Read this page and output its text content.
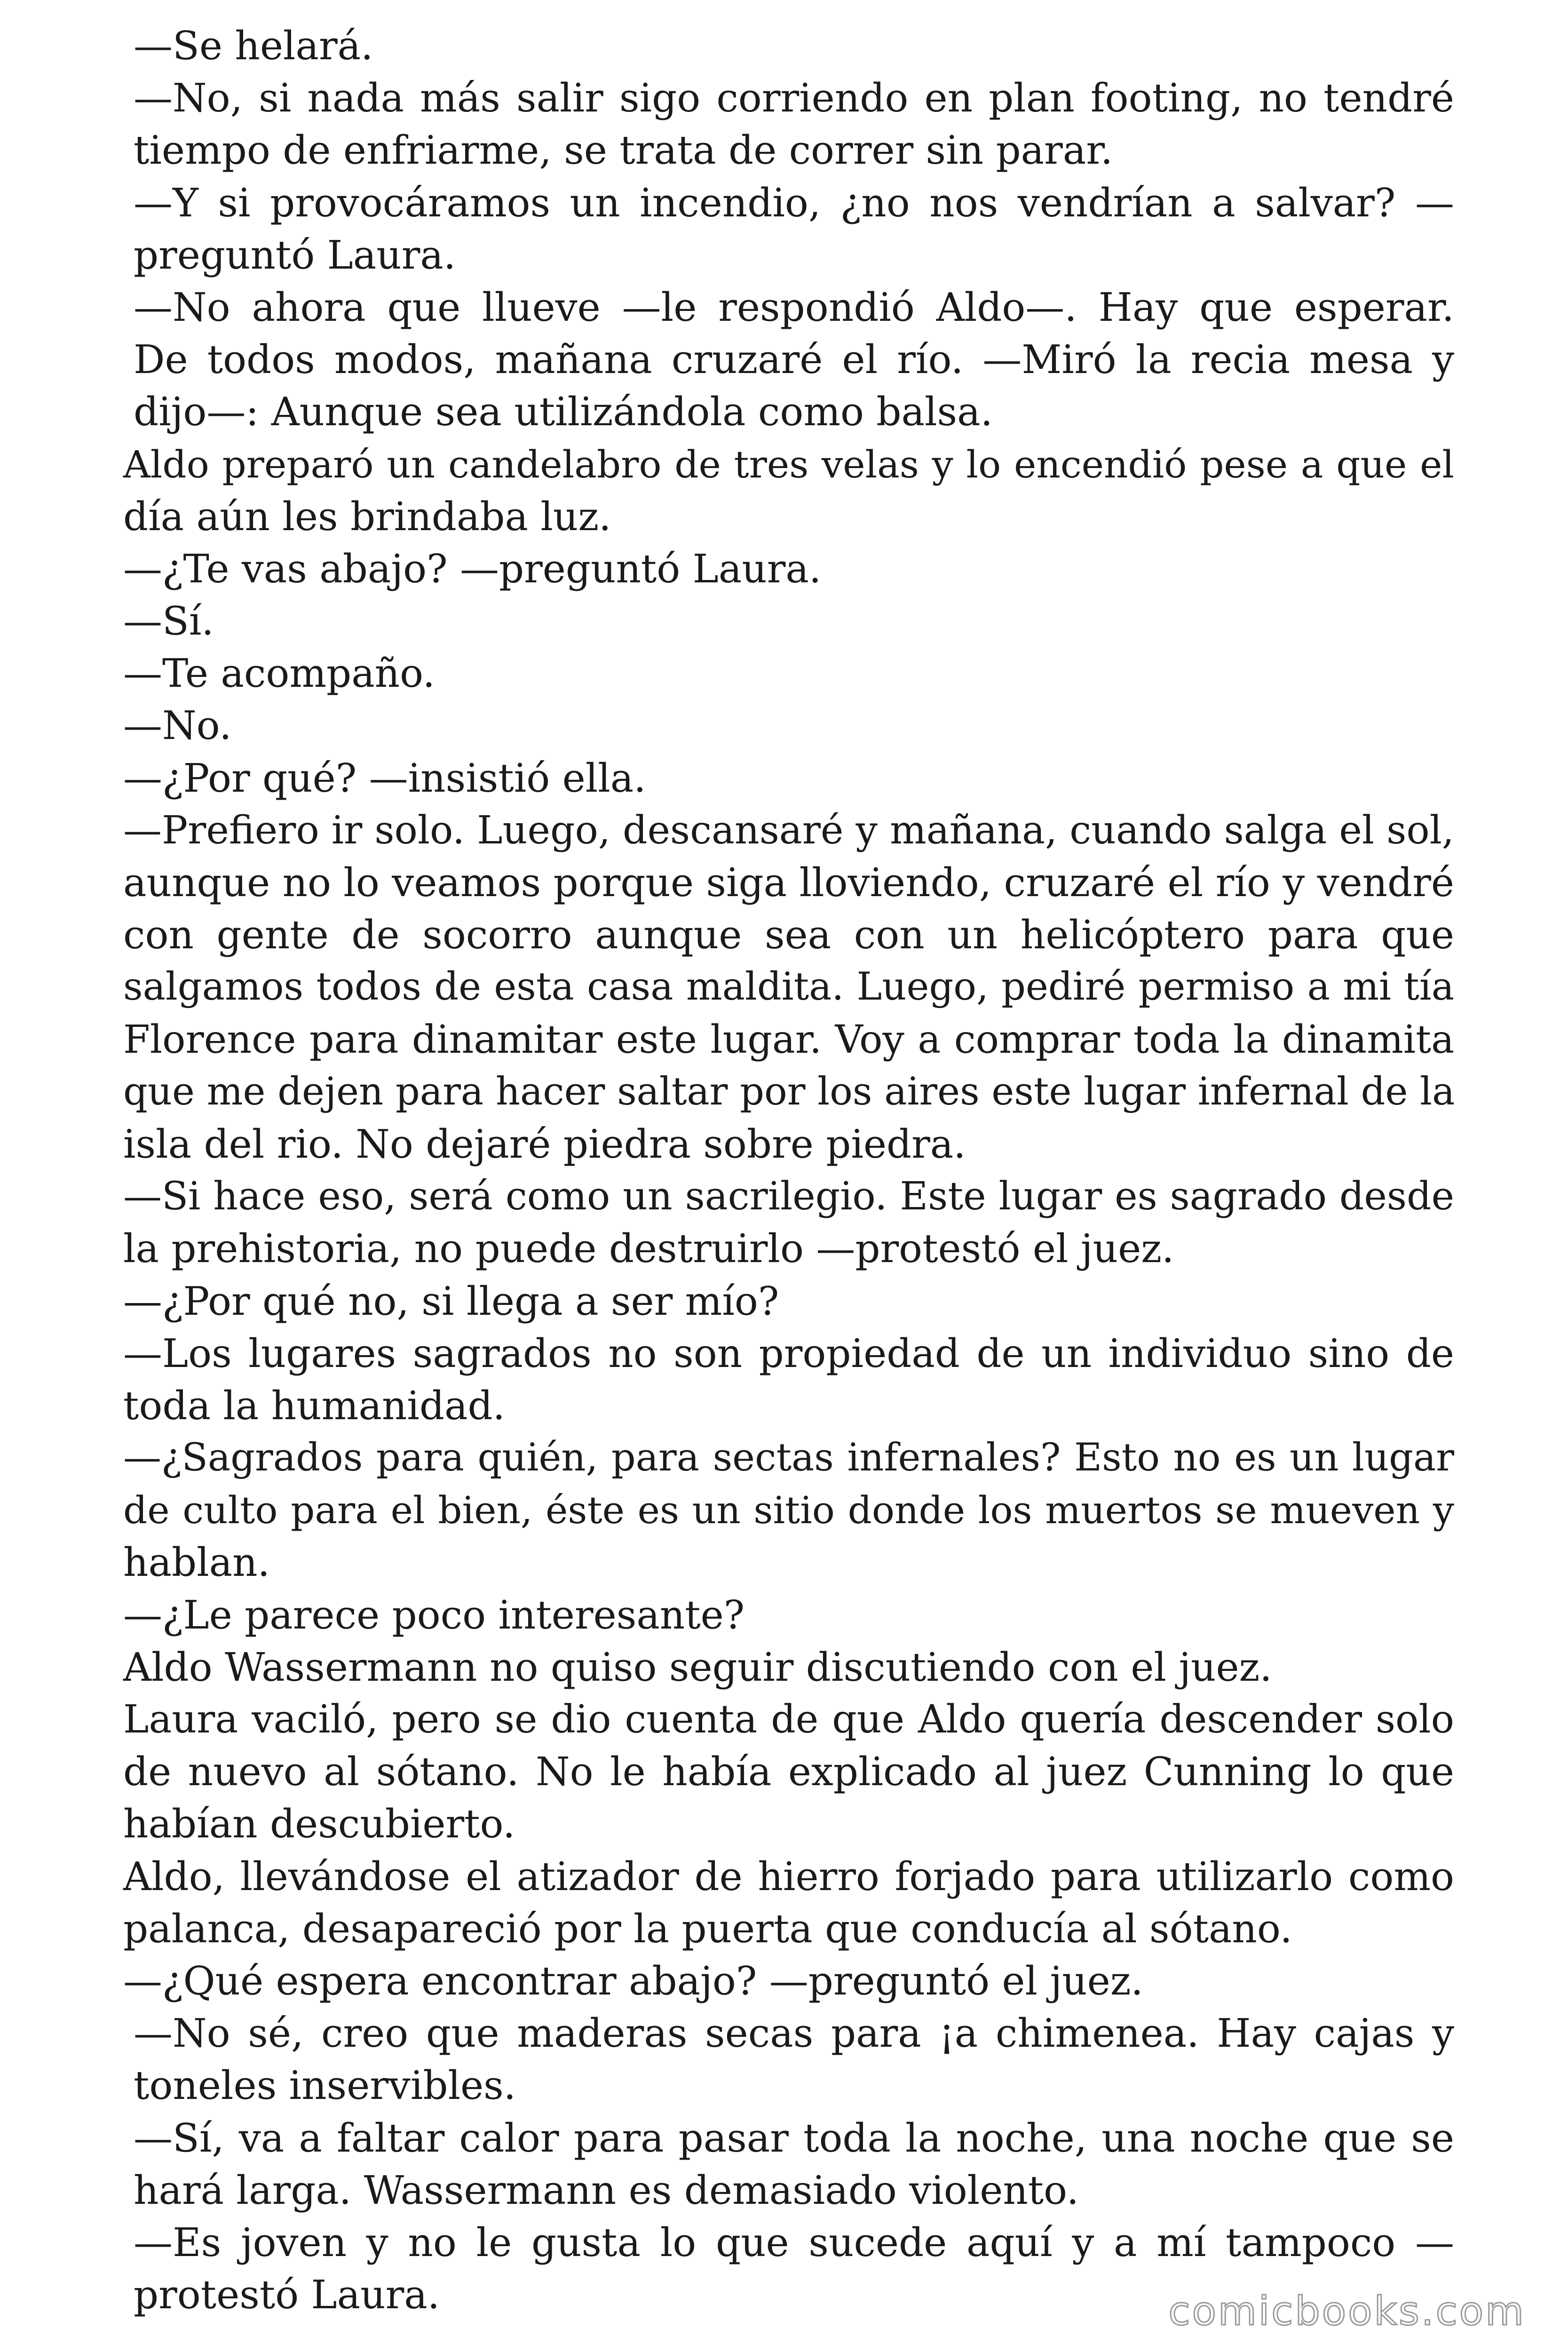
—Se helará.
—No, si nada más salir sigo corriendo en plan footing, no tendré
tiempo de enfriarme, se trata de correr sin parar.
—Y si provocáramos un incendio, ¿no nos vendrían a salvar? —
preguntó Laura.
—No ahora que llueve —le respondió Aldo—. Hay que esperar.
De todos modos, mañana cruzaré el río. —Miró la recia mesa y
dijo—: Aunque sea utilizándola como balsa.
Aldo preparó un candelabro de tres velas y lo encendió pese a que el
día aún les brindaba luz.
—¿Te vas abajo? —preguntó Laura.
—Sí.
—Te acompaño.
—No.
—¿Por qué? —insistió ella.
—Prefiero ir solo. Luego, descansaré y mañana, cuando salga el sol,
aunque no lo veamos porque siga lloviendo, cruzaré el río y vendré
con gente de socorro aunque sea con un helicóptero para que
salgamos todos de esta casa maldita. Luego, pediré permiso a mi tía
Florence para dinamitar este lugar. Voy a comprar toda la dinamita
que me dejen para hacer saltar por los aires este lugar infernal de la
isla del rio. No dejaré piedra sobre piedra.
—Si hace eso, será como un sacrilegio. Este lugar es sagrado desde
la prehistoria, no puede destruirlo —protestó el juez.
—¿Por qué no, si llega a ser mío?
—Los lugares sagrados no son propiedad de un individuo sino de
toda la humanidad.
—¿Sagrados para quién, para sectas infernales? Esto no es un lugar
de culto para el bien, éste es un sitio donde los muertos se mueven y
hablan.
—¿Le parece poco interesante?
Aldo Wassermann no quiso seguir discutiendo con el juez.
Laura vaciló, pero se dio cuenta de que Aldo quería descender solo
de nuevo al sótano. No le había explicado al juez Cunning lo que
habían descubierto.
Aldo, llevándose el atizador de hierro forjado para utilizarlo como
palanca, desapareció por la puerta que conducía al sótano.
—¿Qué espera encontrar abajo? —preguntó el juez.
—No sé, creo que maderas secas para ¡a chimenea. Hay cajas y
toneles inservibles.
—Sí, va a faltar calor para pasar toda la noche, una noche que se
hará larga. Wassermann es demasiado violento.
—Es joven y no le gusta lo que sucede aquí y a mí tampoco —
protestó Laura.	comicbooks.com
